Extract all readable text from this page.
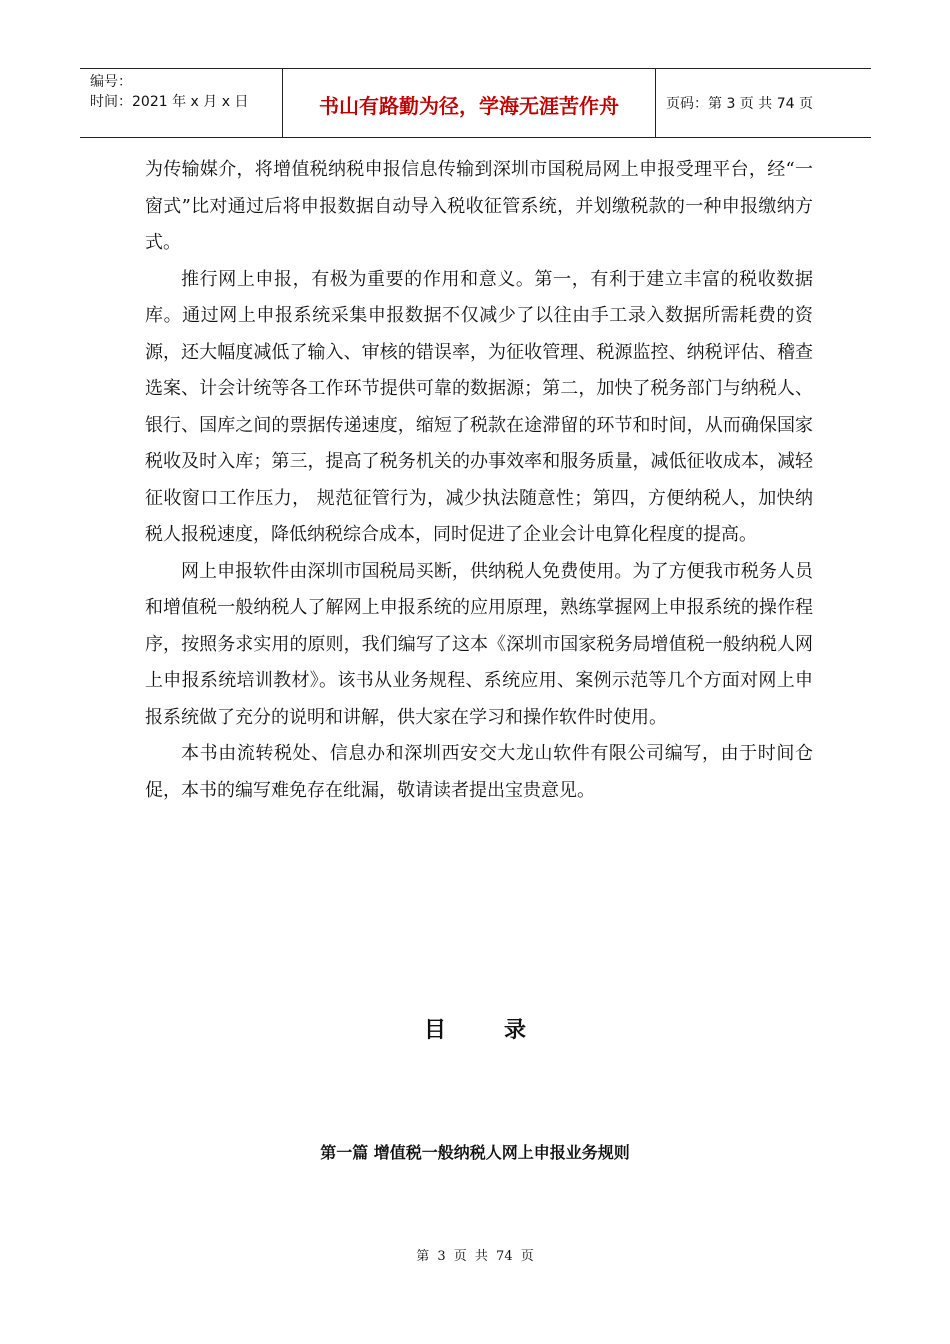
编号：
时间：2021 年 x 月 x 日	书山有路勤为径，学海无涯苦作舟	页码：第 3 页 共 74 页

为传输媒介，将增值税纳税申报信息传输到深圳市国税局网上申报受理平台，经“一窗式”比对通过后将申报数据自动导入税收征管系统，并划缴税款的一种申报缴纳方式。

推行网上申报，有极为重要的作用和意义。第一，有利于建立丰富的税收数据库。通过网上申报系统采集申报数据不仅减少了以往由手工录入数据所需耗费的资源，还大幅度减低了输入、审核的错误率，为征收管理、税源监控、纳税评估、稽查选案、计会计统等各工作环节提供可靠的数据源；第二，加快了税务部门与纳税人、银行、国库之间的票据传递速度，缩短了税款在途滞留的环节和时间，从而确保国家税收及时入库；第三，提高了税务机关的办事效率和服务质量，减低征收成本，减轻征收窗口工作压力， 规范征管行为，减少执法随意性；第四，方便纳税人，加快纳税人报税速度，降低纳税综合成本，同时促进了企业会计电算化程度的提高。

网上申报软件由深圳市国税局买断，供纳税人免费使用。为了方便我市税务人员和增值税一般纳税人了解网上申报系统的应用原理，熟练掌握网上申报系统的操作程序，按照务求实用的原则，我们编写了这本《深圳市国家税务局增值税一般纳税人网上申报系统培训教材》。该书从业务规程、系统应用、案例示范等几个方面对网上申报系统做了充分的说明和讲解，供大家在学习和操作软件时使用。

本书由流转税处、信息办和深圳西安交大龙山软件有限公司编写，由于时间仓促，本书的编写难免存在纰漏，敬请读者提出宝贵意见。

目录
第一篇 增值税一般纳税人网上申报业务规则
第 3 页 共 74 页
